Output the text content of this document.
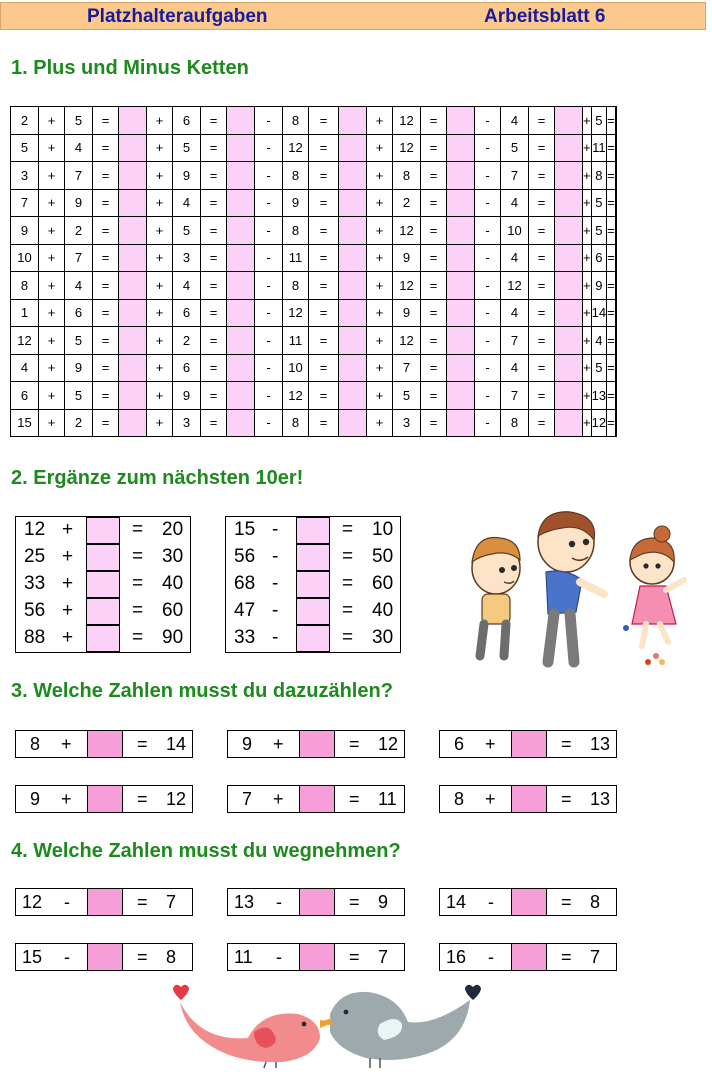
Platzhalteraufgaben	Arbeitsblatt 6
1. Plus und Minus Ketten
2	+	5	=		+	6	=		-	8	=		+	12	=		-	4	=		+	5	=	
5	+	4	=		+	5	=		-	12	=		+	12	=		-	5	=		+	11	=	
3	+	7	=		+	9	=		-	8	=		+	8	=		-	7	=		+	8	=	
7	+	9	=		+	4	=		-	9	=		+	2	=		-	4	=		+	5	=	
9	+	2	=		+	5	=		-	8	=		+	12	=		-	10	=		+	5	=	
10	+	7	=		+	3	=		-	11	=		+	9	=		-	4	=		+	6	=	
8	+	4	=		+	4	=		-	8	=		+	12	=		-	12	=		+	9	=	
1	+	6	=		+	6	=		-	12	=		+	9	=		-	4	=		+	14	=	
12	+	5	=		+	2	=		-	11	=		+	12	=		-	7	=		+	4	=	
4	+	9	=		+	6	=		-	10	=		+	7	=		-	4	=		+	5	=	
6	+	5	=		+	9	=		-	12	=		+	5	=		-	7	=		+	13	=	
15	+	2	=		+	3	=		-	8	=		+	3	=		-	8	=		+	12	=	
2. Ergänze zum nächsten 10er!
12 +	= 20
25 +	= 30
33 +	= 40
56 +	= 60
88 +	= 90
15 -	= 10
56 -	= 50
68 -	= 60
47 -	= 40
33 -	= 30
3. Welche Zahlen musst du dazuzählen?
8 +	= 14	9 +	= 12	6 +	= 13
9 +	= 12	7 +	= 11	8 +	= 13
4. Welche Zahlen musst du wegnehmen?
12 -	= 7	13 -	= 9	14 -	= 8
15 -	= 8	11 -	= 7	16 -	= 7
